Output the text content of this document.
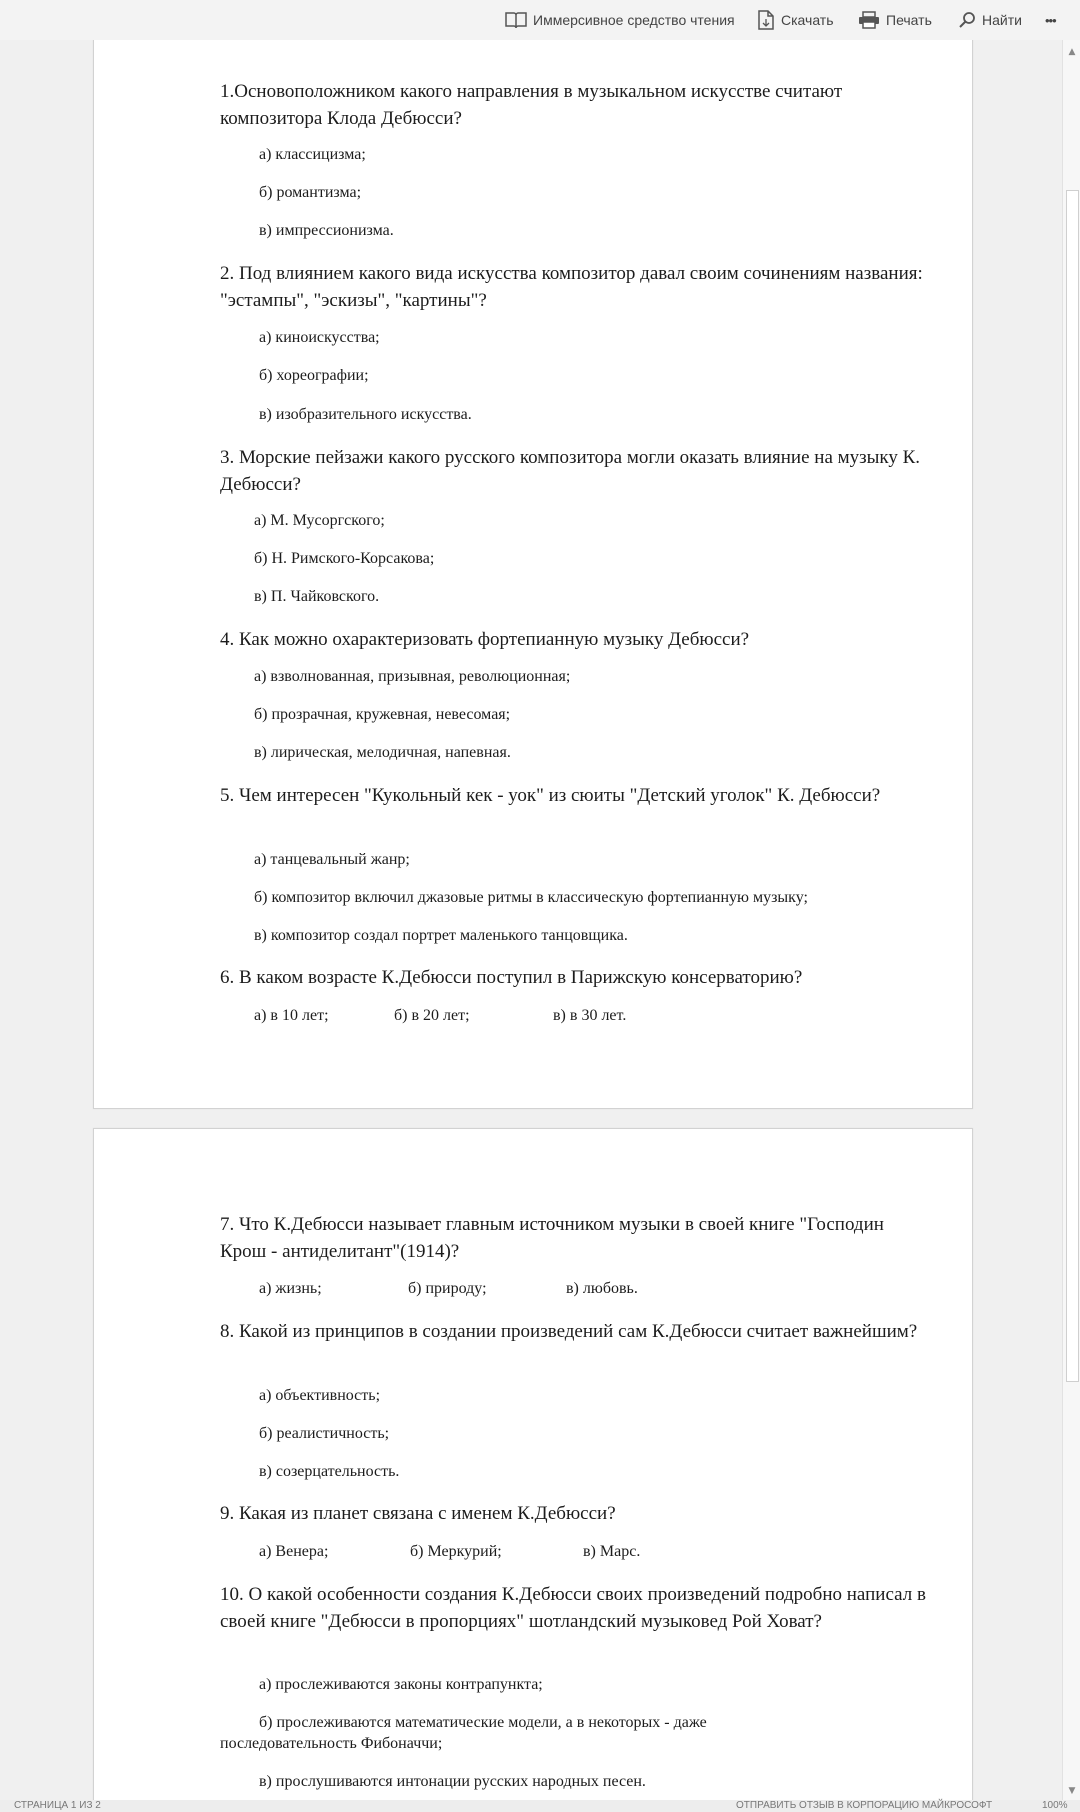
Иммерсивное средство чтения	Скачать	Печать	Найти •••

1.Основоположником какого направления в музыкальном искусстве считают композитора Клода Дебюсси?

а) классицизма;
б) романтизма;
в) импрессионизма.

2. Под влиянием какого вида искусства композитор давал своим сочинениям названия: "эстампы", "эскизы", "картины"?

а) киноискусства;
б) хореографии;
в) изобразительного искусства.

3. Морские пейзажи какого русского композитора могли оказать влияние на музыку К. Дебюсси?

а) М. Мусоргского;
б) Н. Римского-Корсакова;
в) П. Чайковского.

4. Как можно охарактеризовать фортепианную музыку Дебюсси?

а) взволнованная, призывная, революционная;
б) прозрачная, кружевная, невесомая;
в) лирическая, мелодичная, напевная.

5. Чем интересен "Кукольный кек - уок" из сюиты "Детский уголок" К. Дебюсси?

а) танцевальный жанр;
б) композитор включил джазовые ритмы в классическую фортепианную музыку;
в) композитор создал портрет маленького танцовщика.

6. В каком возрасте К.Дебюсси поступил в Парижскую консерваторию?

а) в 10 лет;	б) в 20 лет;	в) в 30 лет.

7. Что К.Дебюсси называет главным источником музыки в своей книге "Господин Крош - антиделитант"(1914)?

а) жизнь;	б) природу;	в) любовь.

8. Какой из принципов в создании произведений сам К.Дебюсси считает важнейшим?

а) объективность;
б) реалистичность;
в) созерцательность.

9. Какая из планет связана с именем К.Дебюсси?

а) Венера;	б) Меркурий;	в) Марс.

10. О какой особенности создания К.Дебюсси своих произведений подробно написал в своей книге "Дебюсси в пропорциях" шотландский музыковед Рой Ховат?

а) прослеживаются законы контрапункта;
б) прослеживаются математические модели, а в некоторых - даже
последовательность Фибоначчи;
в) прослушиваются интонации русских народных песен.
▲
▼
СТРАНИЦА 1 ИЗ 2	ОТПРАВИТЬ ОТЗЫВ В КОРПОРАЦИЮ МАЙКРОСОФТ	100%
